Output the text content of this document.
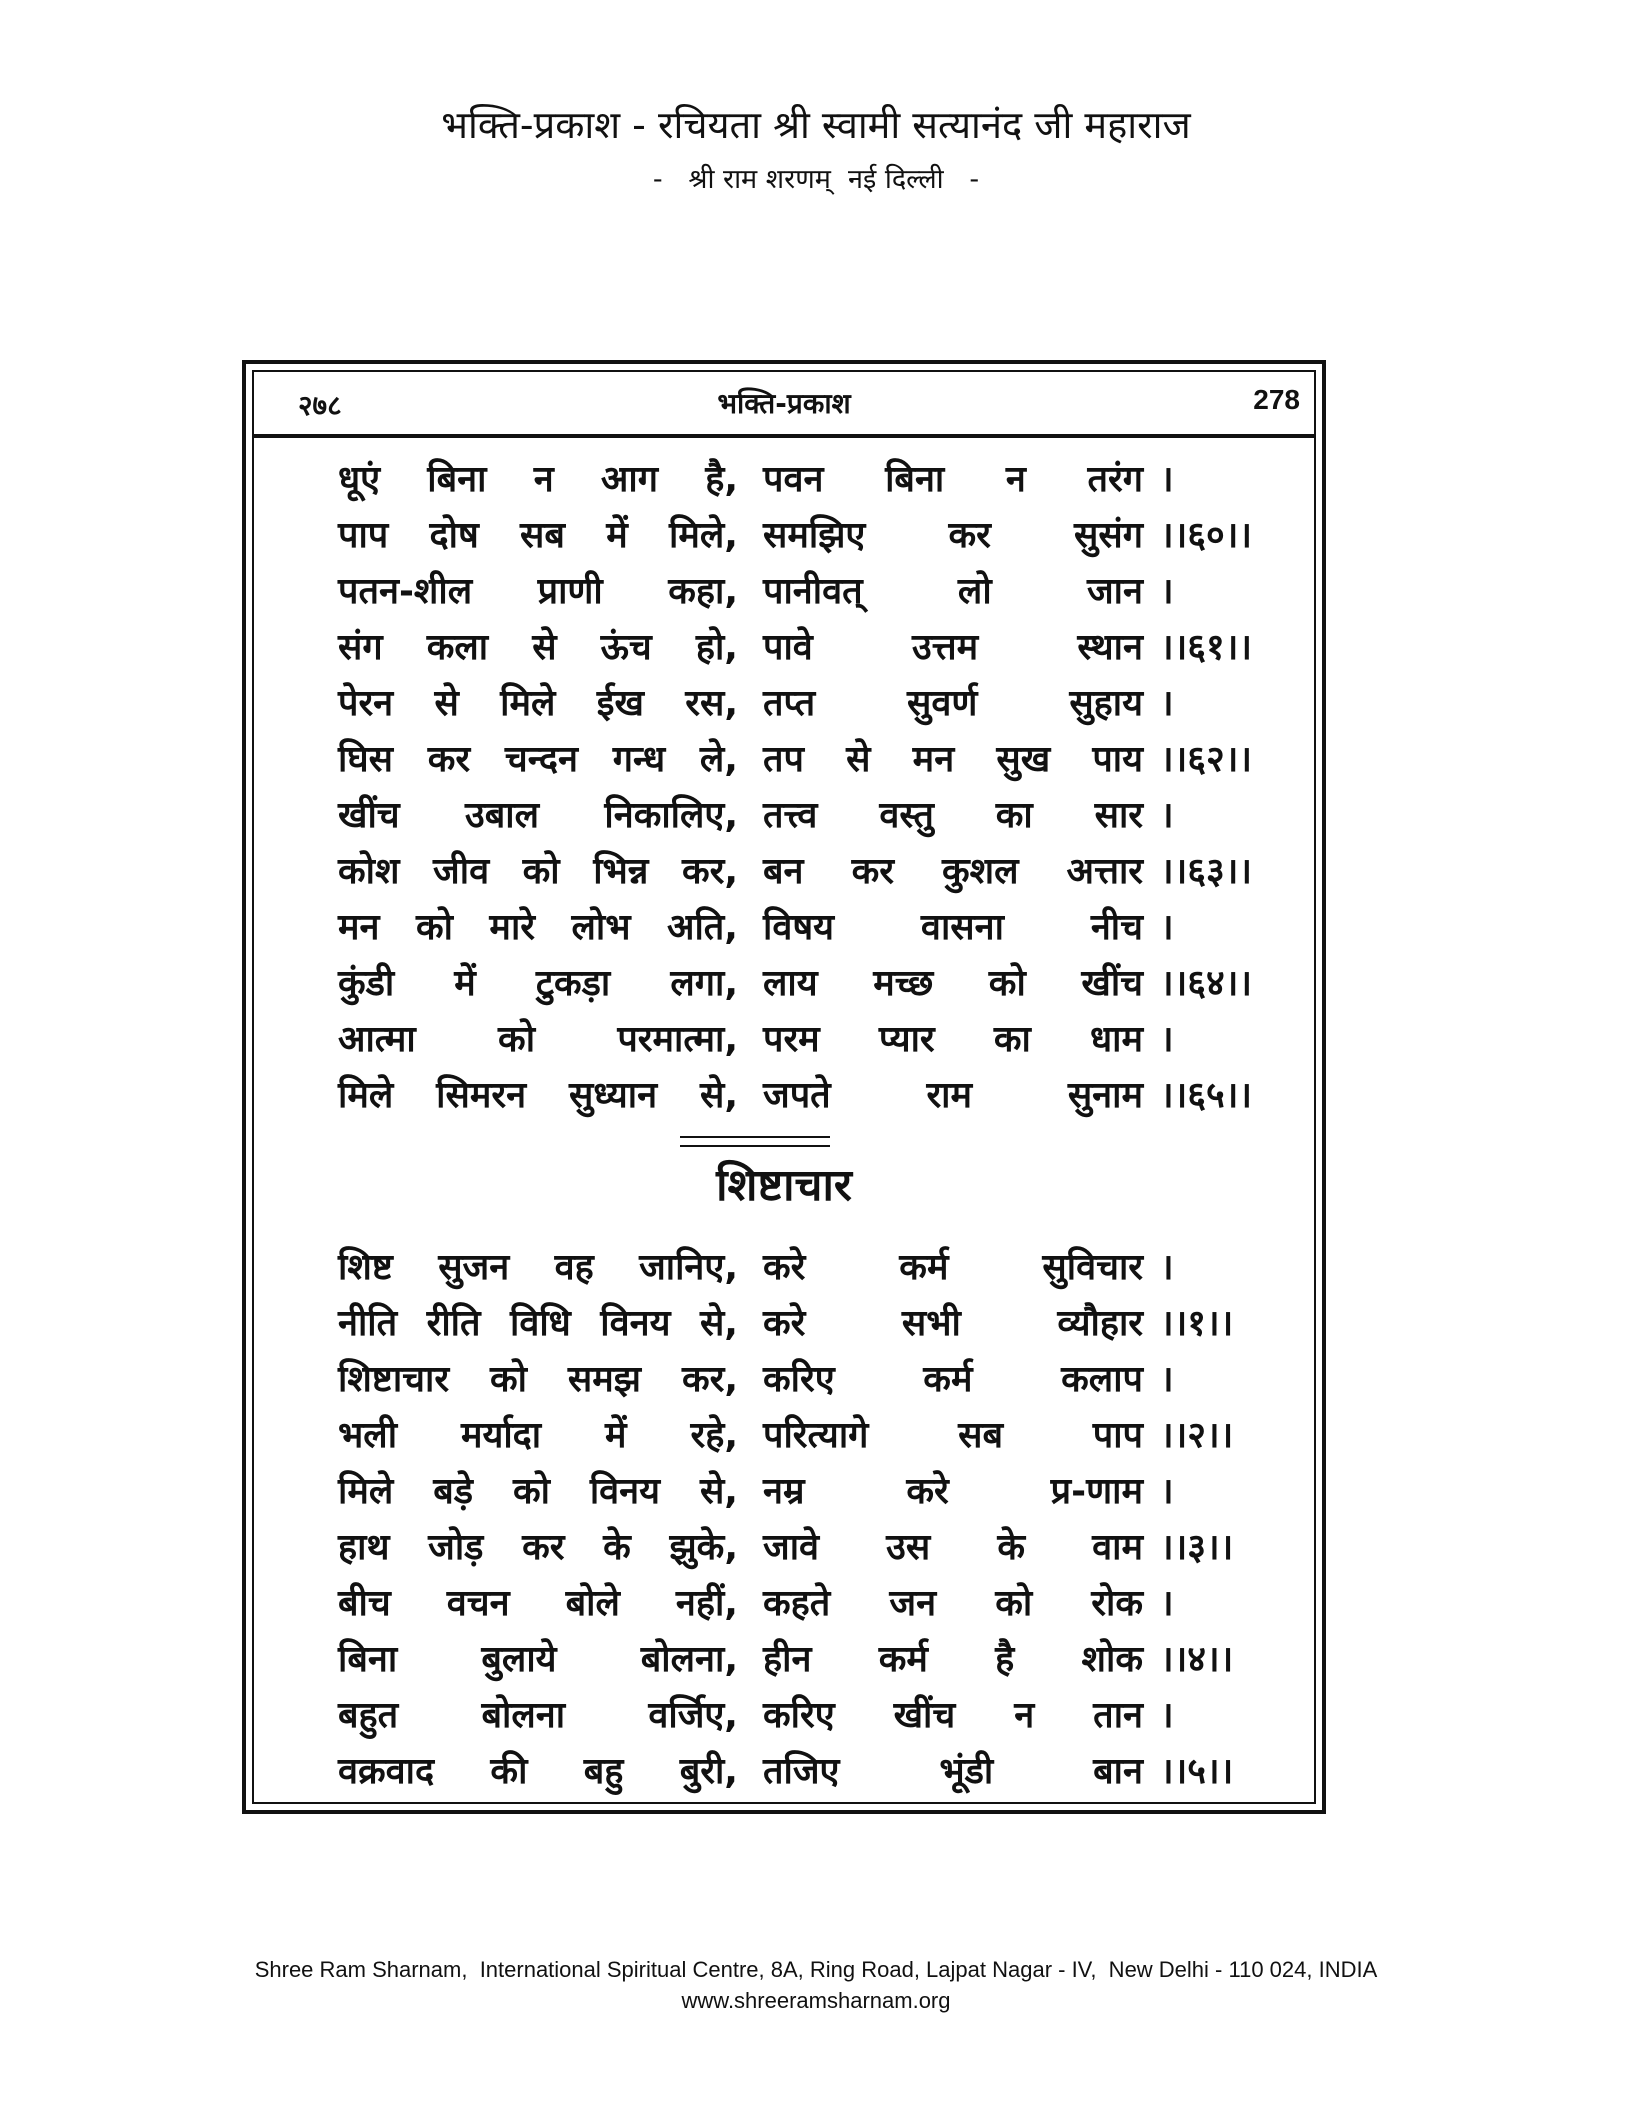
भक्ति-प्रकाश - रचियता श्री स्वामी सत्यानंद जी महाराज
-   श्री राम शरणम्  नई दिल्ली   -
२७८	भक्ति-प्रकाश	278
धूएं बिना न आग है, पवन बिना न तरंग ।
पाप दोष सब में मिले, समझिए कर सुसंग ।।६०।।
पतन-शील प्राणी कहा, पानीवत् लो जान ।
संग कला से ऊंच हो, पावे उत्तम स्थान ।।६१।।
पेरन से मिले ईख रस, तप्त सुवर्ण सुहाय ।
घिस कर चन्दन गन्ध ले, तप से मन सुख पाय ।।६२।।
खींच उबाल निकालिए, तत्त्व वस्तु का सार ।
कोश जीव को भिन्न कर, बन कर कुशल अत्तार ।।६३।।
मन को मारे लोभ अति, विषय वासना नीच ।
कुंडी में टुकड़ा लगा, लाय मच्छ को खींच ।।६४।।
आत्मा को परमात्मा, परम प्यार का धाम ।
मिले सिमरन सुध्यान से, जपते राम सुनाम ।।६५।।
शिष्टाचार
शिष्ट सुजन वह जानिए, करे कर्म सुविचार ।
नीति रीति विधि विनय से, करे सभी व्यौहार ।।१।।
शिष्टाचार को समझ कर, करिए कर्म कलाप ।
भली मर्यादा में रहे, परित्यागे सब पाप ।।२।।
मिले बड़े को विनय से, नम्र करे प्र-णाम ।
हाथ जोड़ कर के झुके, जावे उस के वाम ।।३।।
बीच वचन बोले नहीं, कहते जन को रोक ।
बिना बुलाये बोलना, हीन कर्म है शोक ।।४।।
बहुत बोलना वर्जिए, करिए खींच न तान ।
वक्रवाद की बहु बुरी, तजिए भूंडी बान ।।५।।
Shree Ram Sharnam,  International Spiritual Centre, 8A, Ring Road, Lajpat Nagar - IV,  New Delhi - 110 024, INDIA
www.shreeramsharnam.org
